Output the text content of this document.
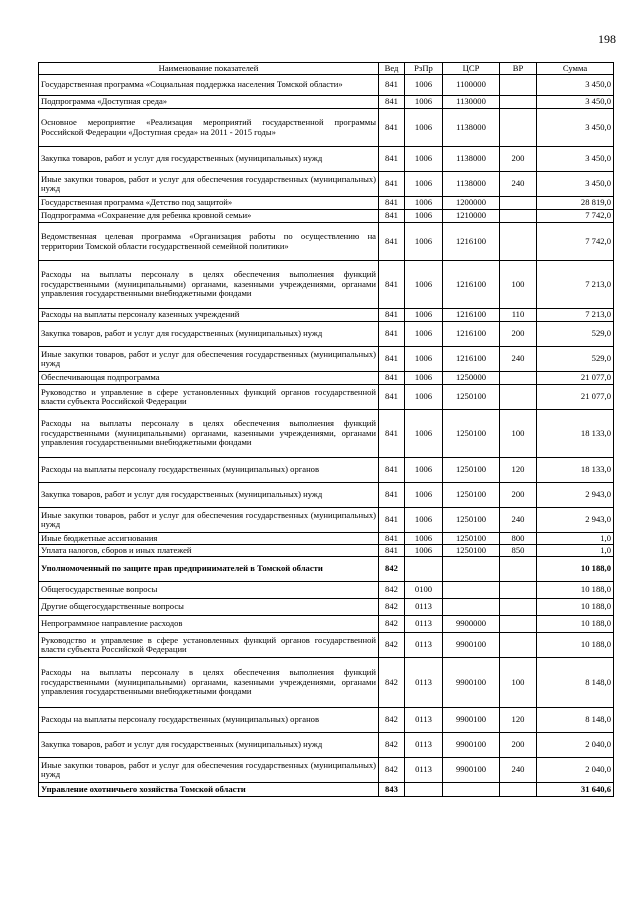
198
Наименование показателей	Вед	РзПр	ЦСР	ВР	Сумма
Государственная программа «Социальная поддержка населения Томской области»	841	1006	1100000		3 450,0
Подпрограмма «Доступная среда»	841	1006	1130000		3 450,0
Основное мероприятие «Реализация мероприятий государственной программы Российской Федерации «Доступная среда» на 2011 - 2015 годы»	841	1006	1138000		3 450,0
Закупка товаров, работ и услуг для государственных (муниципальных) нужд	841	1006	1138000	200	3 450,0
Иные закупки товаров, работ и услуг для обеспечения государственных (муниципальных) нужд	841	1006	1138000	240	3 450,0
Государственная программа «Детство под защитой»	841	1006	1200000		28 819,0
Подпрограмма «Сохранение для ребенка кровной семьи»	841	1006	1210000		7 742,0
Ведомственная целевая программа «Организация работы по осуществлению на территории Томской области государственной семейной политики»	841	1006	1216100		7 742,0
Расходы на выплаты персоналу в целях обеспечения выполнения функций государственными (муниципальными) органами, казенными учреждениями, органами управления государственными внебюджетными фондами	841	1006	1216100	100	7 213,0
Расходы на выплаты персоналу казенных учреждений	841	1006	1216100	110	7 213,0
Закупка товаров, работ и услуг для государственных (муниципальных) нужд	841	1006	1216100	200	529,0
Иные закупки товаров, работ и услуг для обеспечения государственных (муниципальных) нужд	841	1006	1216100	240	529,0
Обеспечивающая подпрограмма	841	1006	1250000		21 077,0
Руководство и управление в сфере установленных функций органов государственной власти субъекта Российской Федерации	841	1006	1250100		21 077,0
Расходы на выплаты персоналу в целях обеспечения выполнения функций государственными (муниципальными) органами, казенными учреждениями, органами управления государственными внебюджетными фондами	841	1006	1250100	100	18 133,0
Расходы на выплаты персоналу государственных (муниципальных) органов	841	1006	1250100	120	18 133,0
Закупка товаров, работ и услуг для государственных (муниципальных) нужд	841	1006	1250100	200	2 943,0
Иные закупки товаров, работ и услуг для обеспечения государственных (муниципальных) нужд	841	1006	1250100	240	2 943,0
Иные бюджетные ассигнования	841	1006	1250100	800	1,0
Уплата налогов, сборов и иных платежей	841	1006	1250100	850	1,0
Уполномоченный по защите прав предпринимателей в Томской области	842				10 188,0
Общегосударственные вопросы	842	0100			10 188,0
Другие общегосударственные вопросы	842	0113			10 188,0
Непрограммное направление расходов	842	0113	9900000		10 188,0
Руководство и управление в сфере установленных функций органов государственной власти субъекта Российской Федерации	842	0113	9900100		10 188,0
Расходы на выплаты персоналу в целях обеспечения выполнения функций государственными (муниципальными) органами, казенными учреждениями, органами управления государственными внебюджетными фондами	842	0113	9900100	100	8 148,0
Расходы на выплаты персоналу государственных (муниципальных) органов	842	0113	9900100	120	8 148,0
Закупка товаров, работ и услуг для государственных (муниципальных) нужд	842	0113	9900100	200	2 040,0
Иные закупки товаров, работ и услуг для обеспечения государственных (муниципальных) нужд	842	0113	9900100	240	2 040,0
Управление охотничьего хозяйства Томской области	843				31 640,6
